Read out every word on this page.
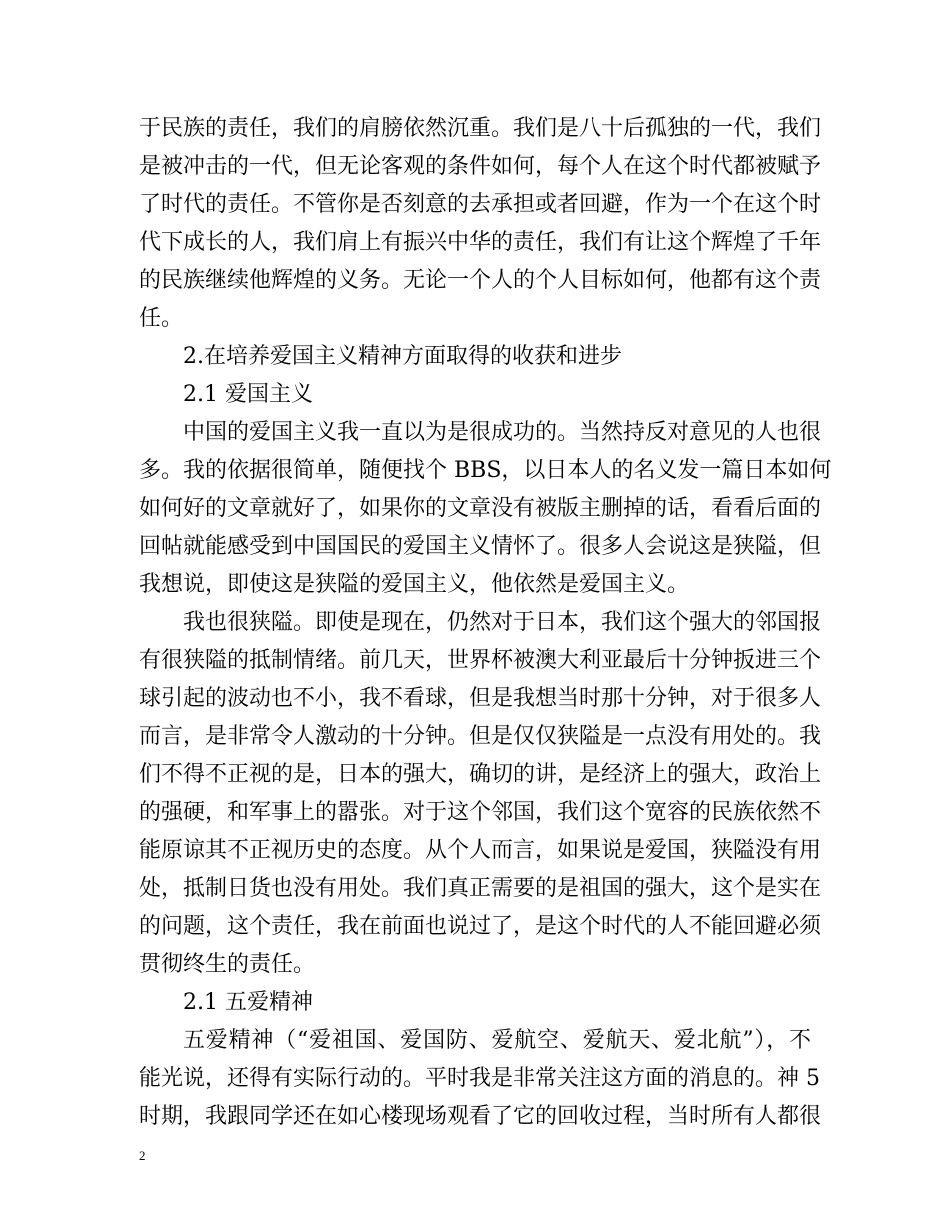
于民族的责任，我们的肩膀依然沉重。我们是八十后孤独的一代，我们
是被冲击的一代，但无论客观的条件如何，每个人在这个时代都被赋予
了时代的责任。不管你是否刻意的去承担或者回避，作为一个在这个时
代下成长的人，我们肩上有振兴中华的责任，我们有让这个辉煌了千年
的民族继续他辉煌的义务。无论一个人的个人目标如何，他都有这个责
任。
2.在培养爱国主义精神方面取得的收获和进步
2.1 爱国主义
中国的爱国主义我一直以为是很成功的。当然持反对意见的人也很
多。我的依据很简单，随便找个 BBS，以日本人的名义发一篇日本如何
如何好的文章就好了，如果你的文章没有被版主删掉的话，看看后面的
回帖就能感受到中国国民的爱国主义情怀了。很多人会说这是狭隘，但
我想说，即使这是狭隘的爱国主义，他依然是爱国主义。
我也很狭隘。即使是现在，仍然对于日本，我们这个强大的邻国报
有很狭隘的抵制情绪。前几天，世界杯被澳大利亚最后十分钟扳进三个
球引起的波动也不小，我不看球，但是我想当时那十分钟，对于很多人
而言，是非常令人激动的十分钟。但是仅仅狭隘是一点没有用处的。我
们不得不正视的是，日本的强大，确切的讲，是经济上的强大，政治上
的强硬，和军事上的嚣张。对于这个邻国，我们这个宽容的民族依然不
能原谅其不正视历史的态度。从个人而言，如果说是爱国，狭隘没有用
处，抵制日货也没有用处。我们真正需要的是祖国的强大，这个是实在
的问题，这个责任，我在前面也说过了，是这个时代的人不能回避必须
贯彻终生的责任。
2.1 五爱精神
五爱精神（“爱祖国、爱国防、爱航空、爱航天、爱北航”），不
能光说，还得有实际行动的。平时我是非常关注这方面的消息的。神 5
时期，我跟同学还在如心楼现场观看了它的回收过程，当时所有人都很
2
